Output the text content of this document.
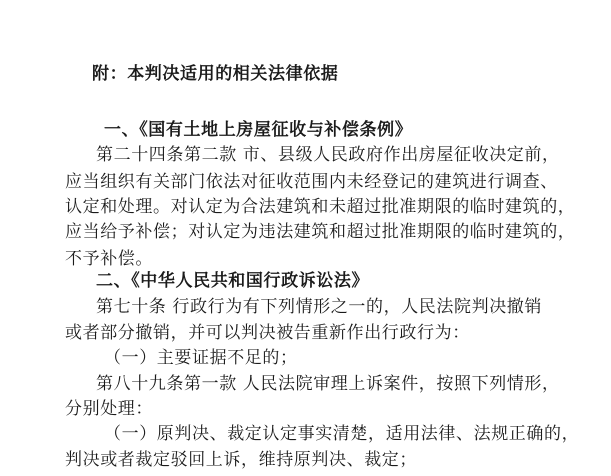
附：本判决适用的相关法律依据
一、《国有土地上房屋征收与补偿条例》
第二十四条第二款 市、县级人民政府作出房屋征收决定前，
应当组织有关部门依法对征收范围内未经登记的建筑进行调查、
认定和处理。对认定为合法建筑和未超过批准期限的临时建筑的，
应当给予补偿；对认定为违法建筑和超过批准期限的临时建筑的，
不予补偿。
二、《中华人民共和国行政诉讼法》
第七十条 行政行为有下列情形之一的，人民法院判决撤销
或者部分撤销，并可以判决被告重新作出行政行为：
（一）主要证据不足的；
第八十九条第一款 人民法院审理上诉案件，按照下列情形，
分别处理：
（一）原判决、裁定认定事实清楚，适用法律、法规正确的，
判决或者裁定驳回上诉，维持原判决、裁定；
